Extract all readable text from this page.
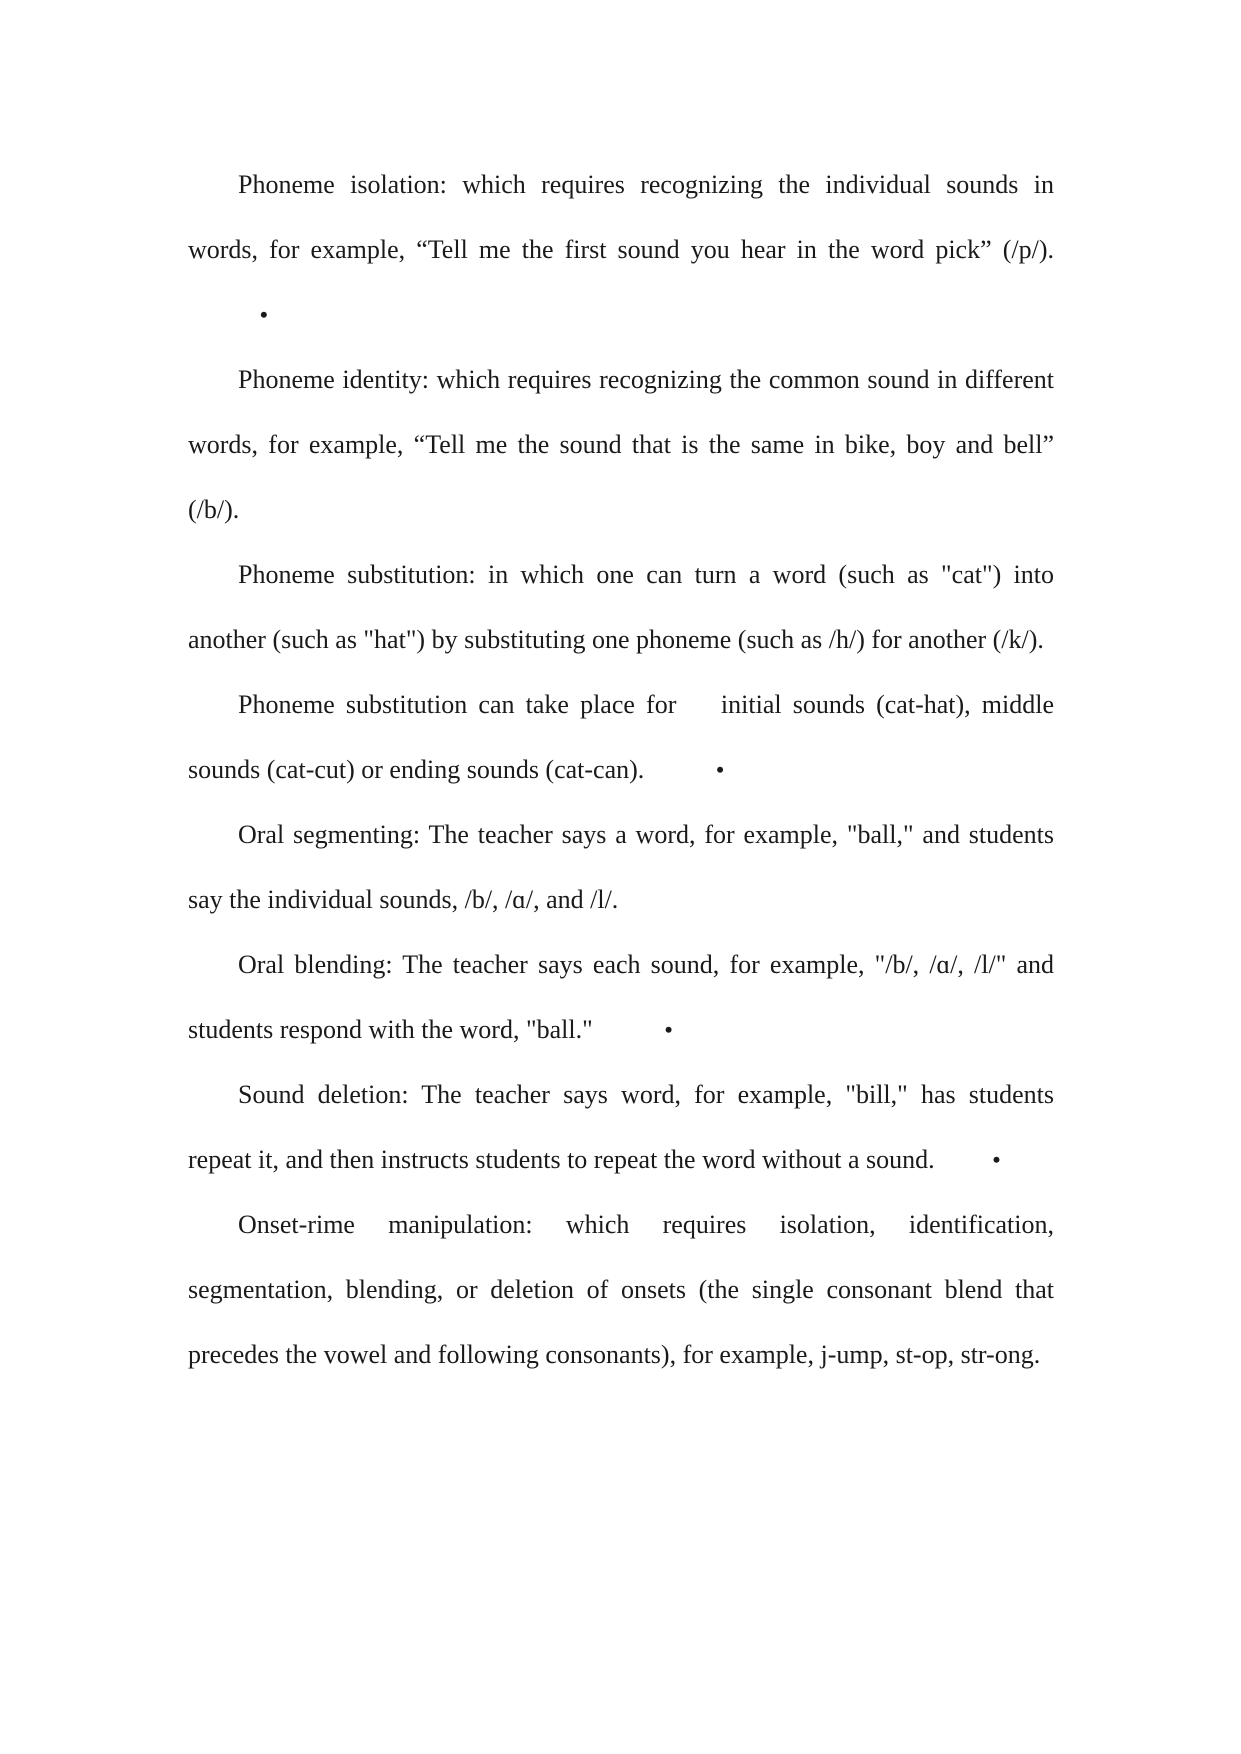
Phoneme isolation: which requires recognizing the individual sounds in words, for example, “Tell me the first sound you hear in the word pick” (/p/).•

Phoneme identity: which requires recognizing the common sound in different words, for example, “Tell me the sound that is the same in bike, boy and bell” (/b/).

Phoneme substitution: in which one can turn a word (such as "cat") into another (such as "hat") by substituting one phoneme (such as /h/) for another (/k/).

Phoneme substitution can take place for    initial sounds (cat-hat), middle sounds (cat-cut) or ending sounds (cat-can).	•

Oral segmenting: The teacher says a word, for example, "ball," and students say the individual sounds, /b/, /ɑ/, and /l/.

Oral blending: The teacher says each sound, for example, "/b/, /ɑ/, /l/" and students respond with the word, "ball."	•

Sound deletion: The teacher says word, for example, "bill," has students repeat it, and then instructs students to repeat the word without a sound.	•

Onset-rime manipulation: which requires isolation, identification, segmentation, blending, or deletion of onsets (the single consonant blend that precedes the vowel and following consonants), for example, j-ump, st-op, str-ong.
